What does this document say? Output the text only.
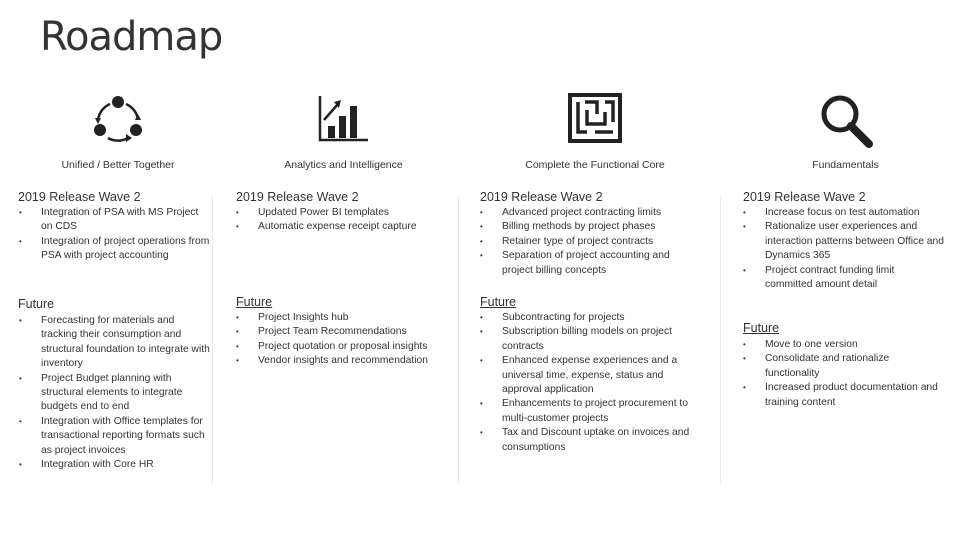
Roadmap
Unified / Better Together
2019 Release Wave 2
• Integration of PSA with MS Project on CDS
• Integration of project operations from PSA with project accounting
Future
• Forecasting for materials and tracking their consumption and structural foundation to integrate with inventory
• Project Budget planning with structural elements to integrate budgets end to end
• Integration with Office templates for transactional reporting formats such as project invoices
• Integration with Core HR
Analytics and Intelligence
2019 Release Wave 2
• Updated Power BI templates
• Automatic expense receipt capture
Future
• Project Insights hub
• Project Team Recommendations
• Project quotation or proposal insights
• Vendor insights and recommendation
Complete the Functional Core
2019 Release Wave 2
• Advanced project contracting limits
• Billing methods by project phases
• Retainer type of project contracts
• Separation of project accounting and project billing concepts
Future
• Subcontracting for projects
• Subscription billing models on project contracts
• Enhanced expense experiences and a universal time, expense, status and approval application
• Enhancements to project procurement to multi-customer projects
• Tax and Discount uptake on invoices and consumptions
Fundamentals
2019 Release Wave 2
• Increase focus on test automation
• Rationalize user experiences and interaction patterns between Office and Dynamics 365
• Project contract funding limit committed amount detail
Future
• Move to one version
• Consolidate and rationalize functionality
• Increased product documentation and training content
